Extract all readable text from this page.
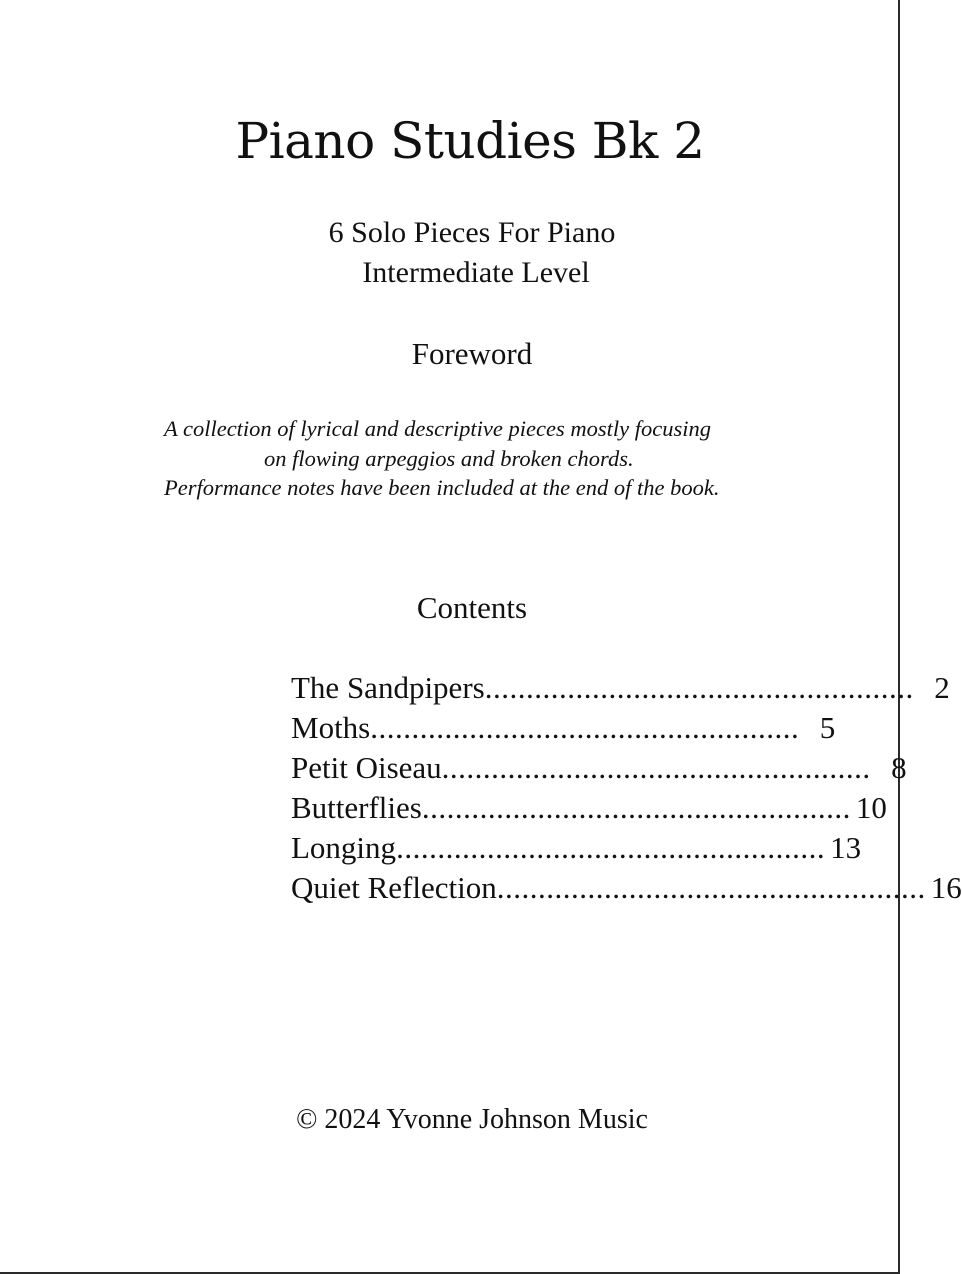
Piano Studies Bk 2
6 Solo Pieces For Piano
Intermediate Level
Foreword
A collection of lyrical and descriptive pieces mostly focusing
on flowing arpeggios and broken chords.
Performance notes have been included at the end of the book.
Contents
The Sandpipers .................................................... 2
Moths .................................................... 5
Petit Oiseau .................................................... 8
Butterflies .................................................... 10
Longing .................................................... 13
Quiet Reflection .................................................... 16
© 2024 Yvonne Johnson Music
